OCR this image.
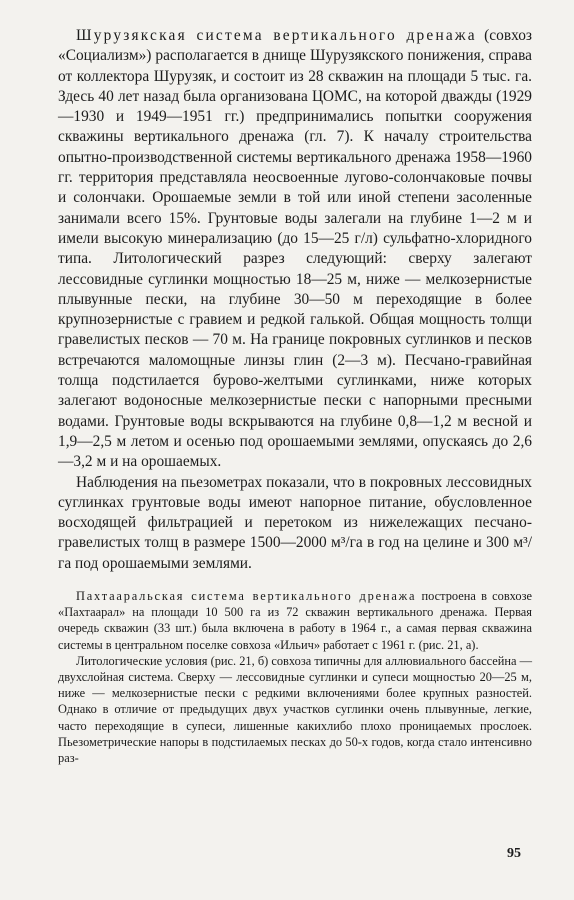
Шурузякская система вертикального дренажа (совхоз «Социализм») располагается в днище Шурузякского понижения, справа от коллектора Шурузяк, и состоит из 28 скважин на площади 5 тыс. га. Здесь 40 лет назад была организована ЦОМС, на которой дважды (1929—1930 и 1949—1951 гг.) предпринимались попытки сооружения скважины вертикального дренажа (гл. 7). К началу строительства опытно-производственной системы вертикального дренажа 1958—1960 гг. территория представляла неосвоенные лугово-солончаковые почвы и солончаки. Орошаемые земли в той или иной степени засоленные занимали всего 15%. Грунтовые воды залегали на глубине 1—2 м и имели высокую минерализацию (до 15—25 г/л) сульфатно-хлоридного типа. Литологический разрез следующий: сверху залегают лессовидные суглинки мощностью 18—25 м, ниже — мелкозернистые плывунные пески, на глубине 30—50 м переходящие в более крупнозернистые с гравием и редкой галькой. Общая мощность толщи гравелистых песков — 70 м. На границе покровных суглинков и песков встречаются маломощные линзы глин (2—3 м). Песчано-гравийная толща подстилается бурово-желтыми суглинками, ниже которых залегают водоносные мелкозернистые пески с напорными пресными водами. Грунтовые воды вскрываются на глубине 0,8—1,2 м весной и 1,9—2,5 м летом и осенью под орошаемыми землями, опускаясь до 2,6—3,2 м и на орошаемых.

Наблюдения на пьезометрах показали, что в покровных лессовидных суглинках грунтовые воды имеют напорное питание, обусловленное восходящей фильтрацией и перетоком из нижележащих песчано-гравелистых толщ в размере 1500—2000 м³/га в год на целине и 300 м³/га под орошаемыми землями.

Пахтааральская система вертикального дренажа построена в совхозе «Пахтаарал» на площади 10 500 га из 72 скважин вертикального дренажа. Первая очередь скважин (33 шт.) была включена в работу в 1964 г., а самая первая скважина системы в центральном поселке совхоза «Ильич» работает с 1961 г. (рис. 21, а).

Литологические условия (рис. 21, б) совхоза типичны для аллювиального бассейна — двухслойная система. Сверху — лессовидные суглинки и супеси мощностью 20—25 м, ниже — мелкозернистые пески с редкими включениями более крупных разностей. Однако в отличие от предыдущих двух участков суглинки очень плывунные, легкие, часто переходящие в супеси, лишенные какихлибо плохо проницаемых прослоек. Пьезометрические напоры в подстилаемых песках до 50-х годов, когда стало интенсивно раз-

95
